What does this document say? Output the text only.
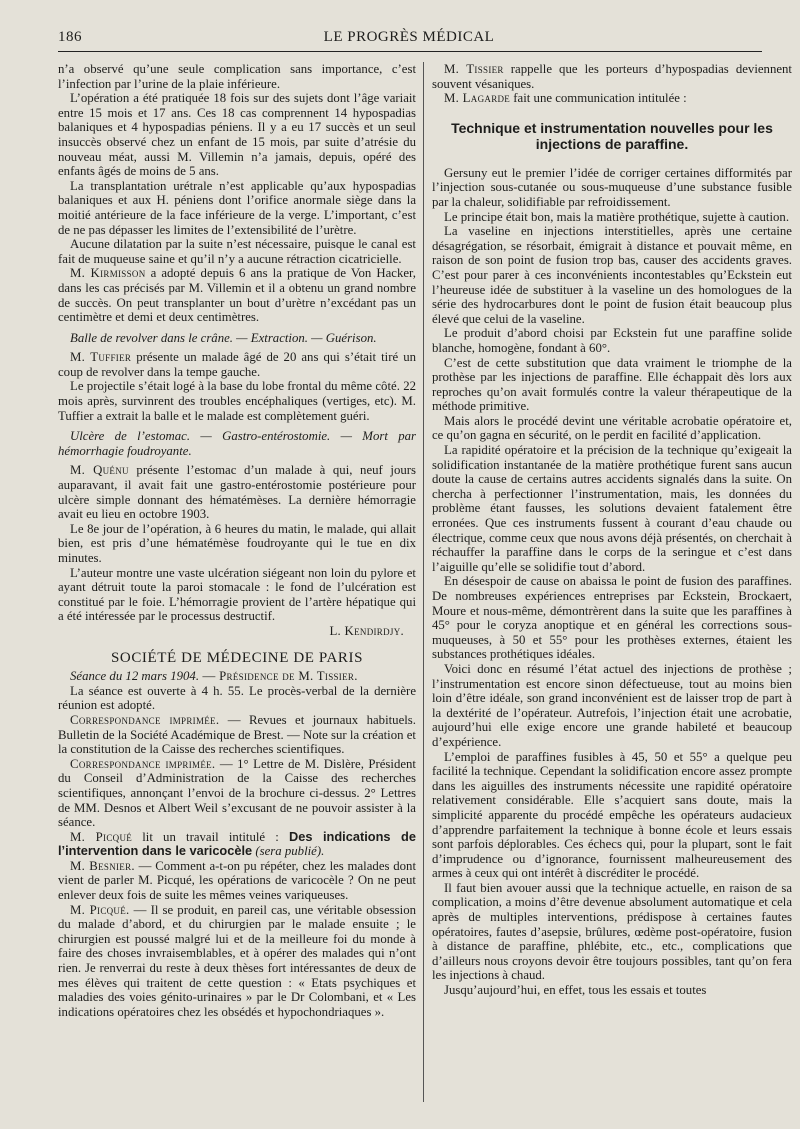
186	LE PROGRÈS MÉDICAL

n’a observé qu’une seule complication sans importance, c’est l’infection par l’urine de la plaie inférieure.

L’opération a été pratiquée 18 fois sur des sujets dont l’âge variait entre 15 mois et 17 ans. Ces 18 cas comprennent 14 hypospadias balaniques et 4 hypospadias péniens. Il y a eu 17 succès et un seul insuccès observé chez un enfant de 15 mois, par suite d’atrésie du nouveau méat, aussi M. Villemin n’a jamais, depuis, opéré des enfants âgés de moins de 5 ans.

La transplantation urétrale n’est applicable qu’aux hypospadias balaniques et aux H. péniens dont l’orifice anormale siège dans la moitié antérieure de la face inférieure de la verge. L’important, c’est de ne pas dépasser les limites de l’extensibilité de l’urètre.

Aucune dilatation par la suite n’est nécessaire, puisque le canal est fait de muqueuse saine et qu’il n’y a aucune rétraction cicatricielle.

M. Kirmisson a adopté depuis 6 ans la pratique de Von Hacker, dans les cas précisés par M. Villemin et il a obtenu un grand nombre de succès. On peut transplanter un bout d’urètre n’excédant pas un centimètre et demi et deux centimètres.

Balle de revolver dans le crâne. — Extraction. — Guérison.

M. Tuffier présente un malade âgé de 20 ans qui s’était tiré un coup de revolver dans la tempe gauche.

Le projectile s’était logé à la base du lobe frontal du même côté. 22 mois après, survinrent des troubles encéphaliques (vertiges, etc). M. Tuffier a extrait la balle et le malade est complètement guéri.

Ulcère de l’estomac. — Gastro-entérostomie. — Mort par hémorrhagie foudroyante.

M. Quénu présente l’estomac d’un malade à qui, neuf jours auparavant, il avait fait une gastro-entérostomie postérieure pour ulcère simple donnant des hématémèses. La dernière hémorragie avait eu lieu en octobre 1903.

Le 8e jour de l’opération, à 6 heures du matin, le malade, qui allait bien, est pris d’une hématémèse foudroyante qui le tue en dix minutes.

L’auteur montre une vaste ulcération siégeant non loin du pylore et ayant détruit toute la paroi stomacale : le fond de l’ulcération est constitué par le foie. L’hémorragie provient de l’artère hépatique qui a été intéressée par le processus destructif.

L. Kendirdjy.

SOCIÉTÉ DE MÉDECINE DE PARIS

Séance du 12 mars 1904. — Présidence de M. Tissier.

La séance est ouverte à 4 h. 55. Le procès-verbal de la dernière réunion est adopté.

Correspondance imprimée. — Revues et journaux habituels. Bulletin de la Société Académique de Brest. — Note sur la création et la constitution de la Caisse des recherches scientifiques.

Correspondance imprimée. — 1° Lettre de M. Dislère, Président du Conseil d’Administration de la Caisse des recherches scientifiques, annonçant l’envoi de la brochure ci-dessus. 2° Lettres de MM. Desnos et Albert Weil s’excusant de ne pouvoir assister à la séance.

M. Picqué lit un travail intitulé : Des indications de l’intervention dans le varicocèle (sera publié).

M. Besnier. — Comment a-t-on pu répéter, chez les malades dont vient de parler M. Picqué, les opérations de varicocèle ? On ne peut enlever deux fois de suite les mêmes veines variqueuses.

M. Picqué. — Il se produit, en pareil cas, une véritable obsession du malade d’abord, et du chirurgien par le malade ensuite ; le chirurgien est poussé malgré lui et de la meilleure foi du monde à faire des choses invraisemblables, et à opérer des malades qui n’ont rien. Je renverrai du reste à deux thèses fort intéressantes de deux de mes élèves qui traitent de cette question : « Etats psychiques et maladies des voies génito-urinaires » par le Dr Colombani, et « Les indications opératoires chez les obsédés et hypochondriaques ».

M. Tissier rappelle que les porteurs d’hypospadias deviennent souvent vésaniques.

M. Lagarde fait une communication intitulée :

Technique et instrumentation nouvelles pour les injections de paraffine.

Gersuny eut le premier l’idée de corriger certaines difformités par l’injection sous-cutanée ou sous-muqueuse d’une substance fusible par la chaleur, solidifiable par refroidissement.

Le principe était bon, mais la matière prothétique, sujette à caution.

La vaseline en injections interstitielles, après une certaine désagrégation, se résorbait, émigrait à distance et pouvait même, en raison de son point de fusion trop bas, causer des accidents graves. C’est pour parer à ces inconvénients incontestables qu’Eckstein eut l’heureuse idée de substituer à la vaseline un des homologues de la série des hydrocarbures dont le point de fusion était beaucoup plus élevé que celui de la vaseline.

Le produit d’abord choisi par Eckstein fut une paraffine solide blanche, homogène, fondant à 60°.

C’est de cette substitution que data vraiment le triomphe de la prothèse par les injections de paraffine. Elle échappait dès lors aux reproches qu’on avait formulés contre la valeur thérapeutique de la méthode primitive.

Mais alors le procédé devint une véritable acrobatie opératoire et, ce qu’on gagna en sécurité, on le perdit en facilité d’application.

La rapidité opératoire et la précision de la technique qu’exigeait la solidification instantanée de la matière prothétique furent sans aucun doute la cause de certains autres accidents signalés dans la suite. On chercha à perfectionner l’instrumentation, mais, les données du problème étant fausses, les solutions devaient fatalement être erronées. Que ces instruments fussent à courant d’eau chaude ou électrique, comme ceux que nous avons déjà présentés, on cherchait à réchauffer la paraffine dans le corps de la seringue et c’est dans l’aiguille qu’elle se solidifie tout d’abord.

En désespoir de cause on abaissa le point de fusion des paraffines. De nombreuses expériences entreprises par Eckstein, Brockaert, Moure et nous-même, démontrèrent dans la suite que les paraffines à 45° pour le coryza anoptique et en général les corrections sous-muqueuses, à 50 et 55° pour les prothèses externes, étaient les substances prothétiques idéales.

Voici donc en résumé l’état actuel des injections de prothèse ; l’instrumentation est encore sinon défectueuse, tout au moins bien loin d’être idéale, son grand inconvénient est de laisser trop de part à la dextérité de l’opérateur. Autrefois, l’injection était une acrobatie, aujourd’hui elle exige encore une grande habileté et beaucoup d’expérience.

L’emploi de paraffines fusibles à 45, 50 et 55° a quelque peu facilité la technique. Cependant la solidification encore assez prompte dans les aiguilles des instruments nécessite une rapidité opératoire relativement considérable. Elle s’acquiert sans doute, mais la simplicité apparente du procédé empêche les opérateurs audacieux d’apprendre parfaitement la technique à bonne école et leurs essais sont parfois déplorables. Ces échecs qui, pour la plupart, sont le fait d’imprudence ou d’ignorance, fournissent malheureusement des armes à ceux qui ont intérêt à discréditer le procédé.

Il faut bien avouer aussi que la technique actuelle, en raison de sa complication, a moins d’être devenue absolument automatique et cela après de multiples interventions, prédispose à certaines fautes opératoires, fautes d’asepsie, brûlures, œdème post-opératoire, fusion à distance de paraffine, phlébite, etc., etc., complications que d’ailleurs nous croyons devoir être toujours possibles, tant qu’on fera les injections à chaud.

Jusqu’aujourd’hui, en effet, tous les essais et toutes
